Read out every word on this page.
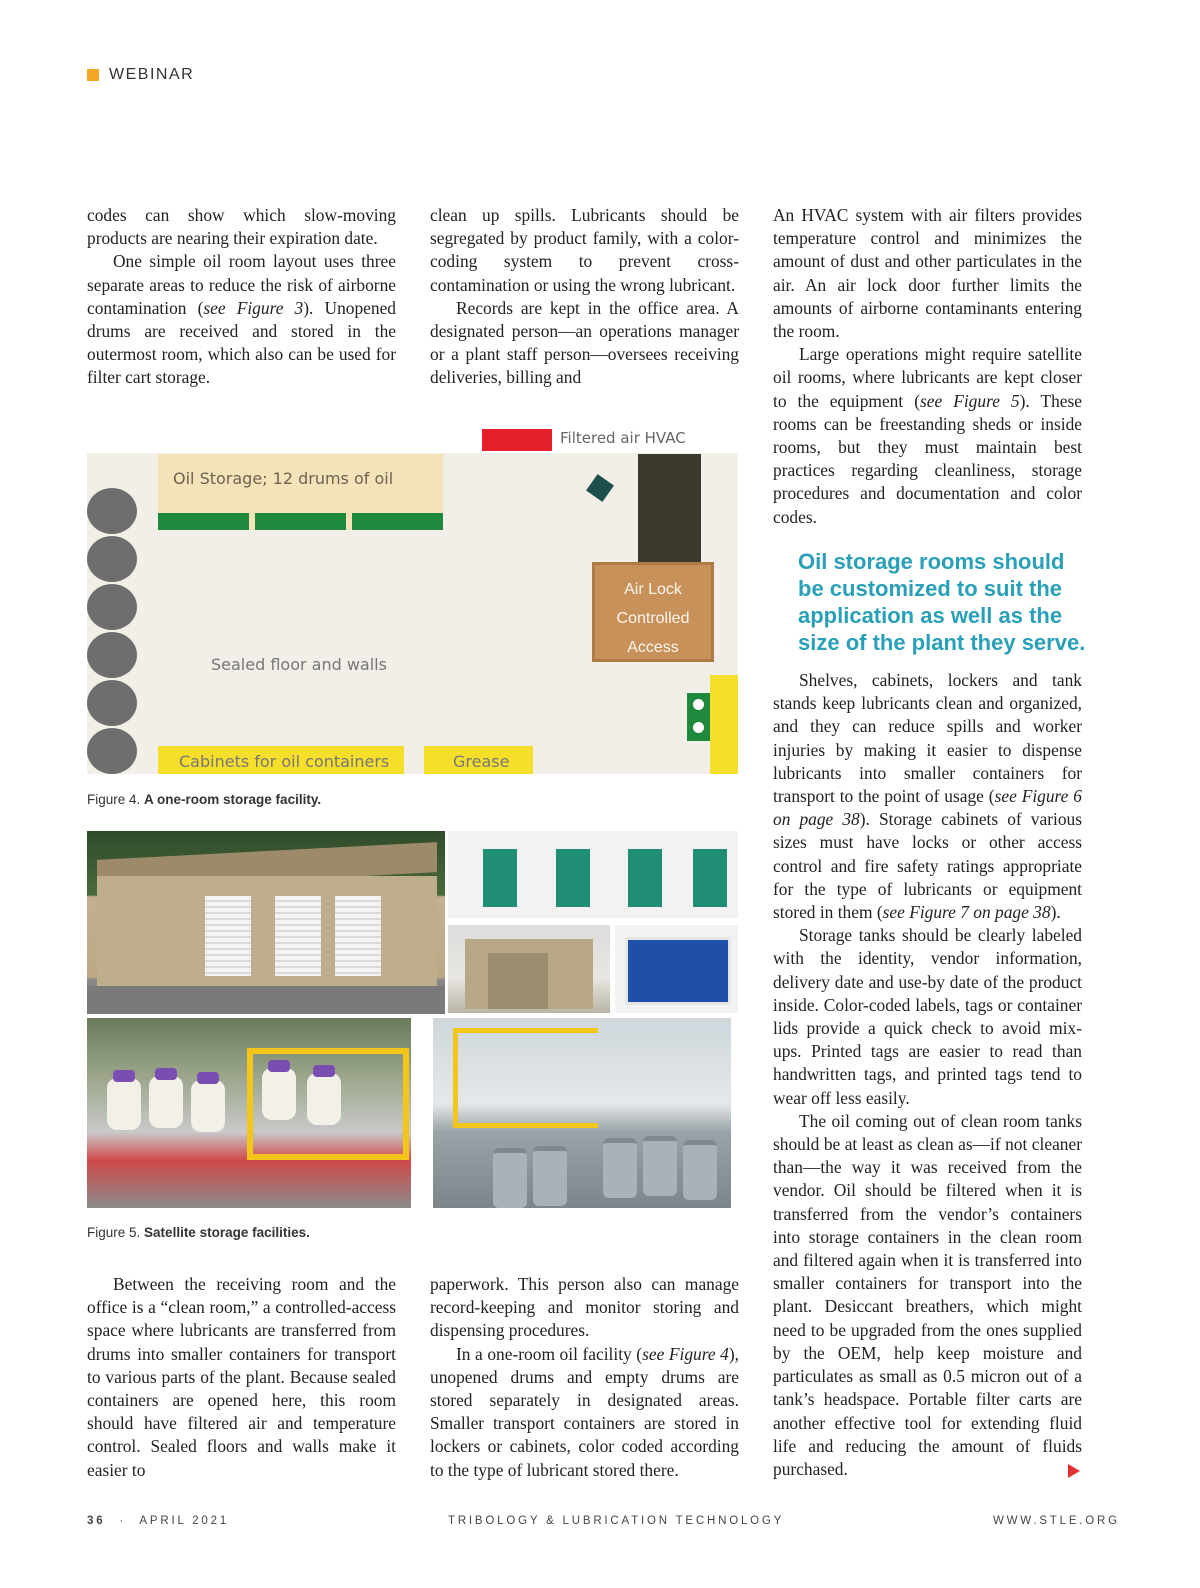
WEBINAR

codes can show which slow-moving products are nearing their expiration date.

One simple oil room layout uses three separate areas to reduce the risk of airborne contamination (see Figure 3). Unopened drums are received and stored in the outermost room, which also can be used for filter cart storage.

clean up spills. Lubricants should be segregated by product family, with a color-coding system to prevent cross-contamination or using the wrong lubricant.

Records are kept in the office area. A designated person—an operations manager or a plant staff person—oversees receiving deliveries, billing and

An HVAC system with air filters provides temperature control and minimizes the amount of dust and other particulates in the air. An air lock door further limits the amounts of airborne contaminants entering the room.

Large operations might require satellite oil rooms, where lubricants are kept closer to the equipment (see Figure 5). These rooms can be freestanding sheds or inside rooms, but they must maintain best practices regarding cleanliness, storage procedures and documentation and color codes.

Oil storage rooms should be customized to suit the application as well as the size of the plant they serve.

Shelves, cabinets, lockers and tank stands keep lubricants clean and organized, and they can reduce spills and worker injuries by making it easier to dispense lubricants into smaller containers for transport to the point of usage (see Figure 6 on page 38). Storage cabinets of various sizes must have locks or other access control and fire safety ratings appropriate for the type of lubricants or equipment stored in them (see Figure 7 on page 38).

Storage tanks should be clearly labeled with the identity, vendor information, delivery date and use-by date of the product inside. Color-coded labels, tags or container lids provide a quick check to avoid mix-ups. Printed tags are easier to read than handwritten tags, and printed tags tend to wear off less easily.

The oil coming out of clean room tanks should be at least as clean as—if not cleaner than—the way it was received from the vendor. Oil should be filtered when it is transferred from the vendor’s containers into storage containers in the clean room and filtered again when it is transferred into smaller containers for transport into the plant. Desiccant breathers, which might need to be upgraded from the ones supplied by the OEM, help keep moisture and particulates as small as 0.5 micron out of a tank’s headspace. Portable filter carts are another effective tool for extending fluid life and reducing the amount of fluids purchased.

Filtered air HVAC
Oil Storage; 12 drums of oil
Sealed floor and walls
Cabinets for oil containers	Grease
Air Lock
Controlled
Access
Figure 4. A one-room storage facility.
Figure 5. Satellite storage facilities.

Between the receiving room and the office is a “clean room,” a controlled-access space where lubricants are transferred from drums into smaller containers for transport to various parts of the plant. Because sealed containers are opened here, this room should have filtered air and temperature control. Sealed floors and walls make it easier to

paperwork. This person also can manage record-keeping and monitor storing and dispensing procedures.

In a one-room oil facility (see Figure 4), unopened drums and empty drums are stored separately in designated areas. Smaller transport containers are stored in lockers or cabinets, color coded according to the type of lubricant stored there.

36 · APRIL 2021	TRIBOLOGY & LUBRICATION TECHNOLOGY	WWW.STLE.ORG
